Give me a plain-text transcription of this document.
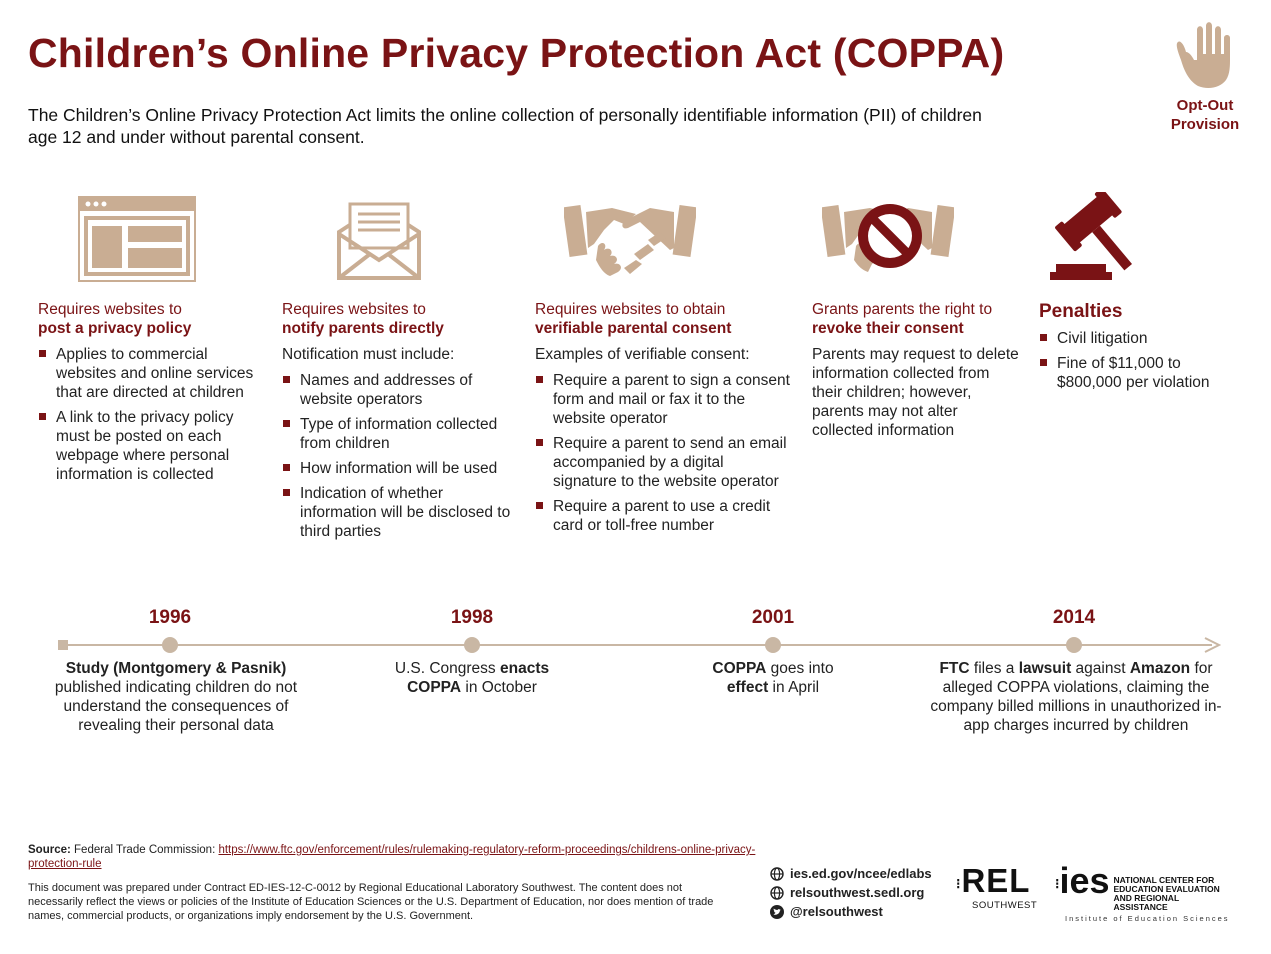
Children’s Online Privacy Protection Act (COPPA)
The Children’s Online Privacy Protection Act limits the online collection of personally identifiable information (PII) of children age 12 and under without parental consent.
Opt-Out
Provision
Requires websites to
post a privacy policy
Applies to commercial websites and online services that are directed at children
A link to the privacy policy must be posted on each webpage where personal information is collected
Requires websites to
notify parents directly
Notification must include:
Names and addresses of website operators
Type of information collected from children
How information will be used
Indication of whether information will be disclosed to third parties
Requires websites to obtain
verifiable parental consent
Examples of verifiable consent:
Require a parent to sign a consent form and mail or fax it to the website operator
Require a parent to send an email accompanied by a digital signature to the website operator
Require a parent to use a credit card or toll-free number
Grants parents the right to
revoke their consent

Parents may request to delete information collected from their children; however, parents may not alter collected information

Penalties
Civil litigation
Fine of $11,000 to $800,000 per violation
1996	1998	2001	2014
Study (Montgomery & Pasnik) published indicating children do not understand the consequences of revealing their personal data
U.S. Congress enacts COPPA in October
COPPA goes into effect in April
FTC files a lawsuit against Amazon for alleged COPPA violations, claiming the company billed millions in unauthorized in-app charges incurred by children
Source: Federal Trade Commission: https://www.ftc.gov/enforcement/rules/rulemaking-regulatory-reform-proceedings/childrens-online-privacy-protection-rule
This document was prepared under Contract ED-IES-12-C-0012 by Regional Educational Laboratory Southwest. The content does not necessarily reflect the views or policies of the Institute of Education Sciences or the U.S. Department of Education, nor does mention of trade names, commercial products, or organizations imply endorsement by the U.S. Government.
ies.ed.gov/ncee/edlabs
relsouthwest.sedl.org
@relsouthwest
⁝REL
SOUTHWEST
⁝ies NATIONAL CENTER FOR EDUCATION EVALUATION AND REGIONAL ASSISTANCE
Institute of Education Sciences
